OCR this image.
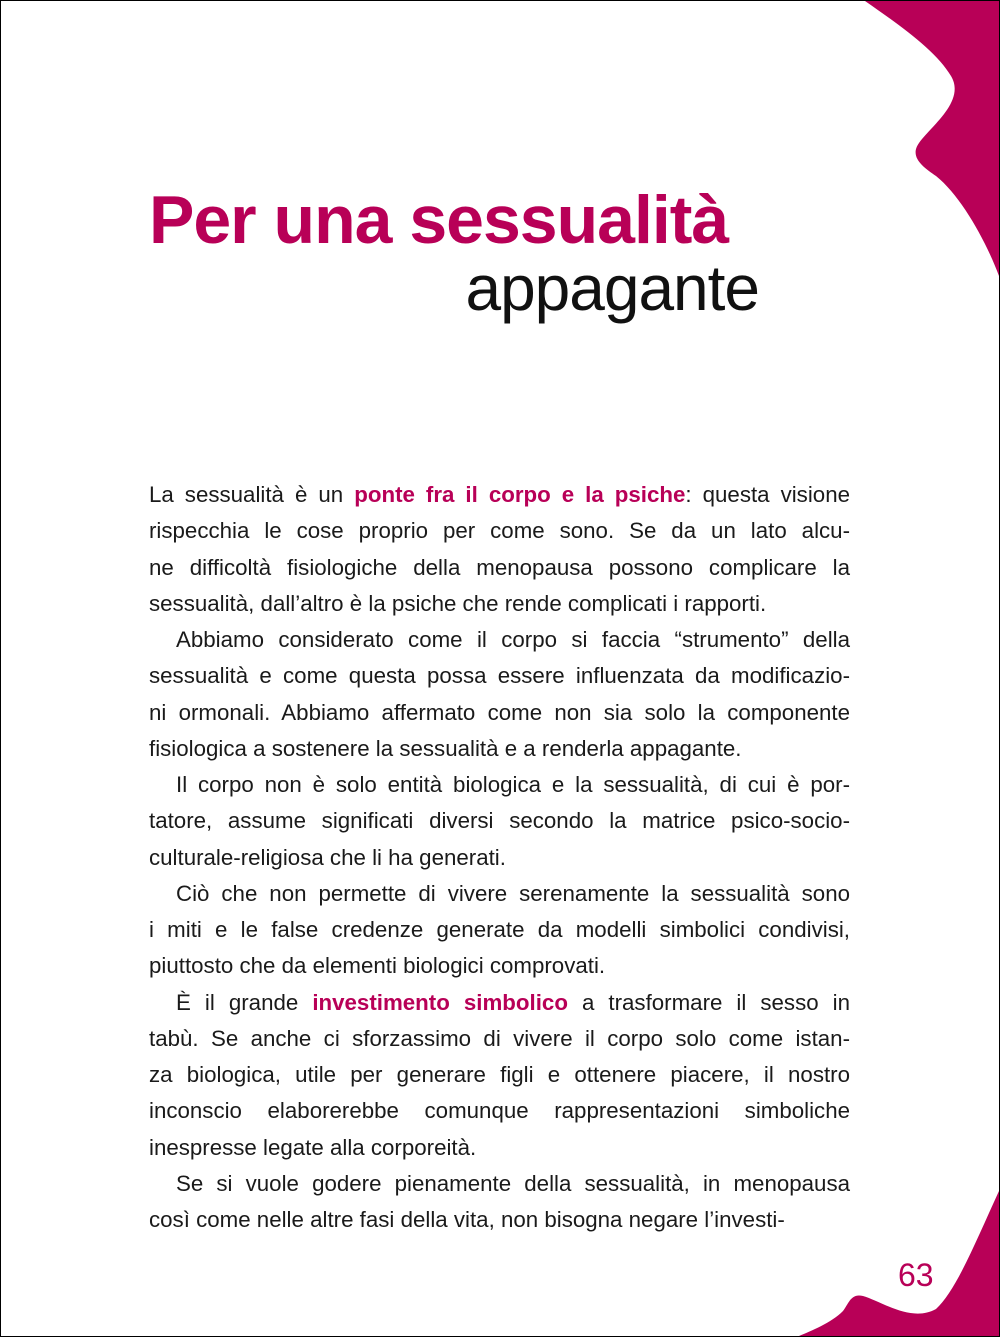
Per una sessualità
appagante
La sessualità è un ponte fra il corpo e la psiche: questa visione
rispecchia le cose proprio per come sono. Se da un lato alcu-
ne difficoltà fisiologiche della menopausa possono complicare la
sessualità, dall’altro è la psiche che rende complicati i rapporti.
Abbiamo considerato come il corpo si faccia “strumento” della
sessualità e come questa possa essere influenzata da modificazio-
ni ormonali. Abbiamo affermato come non sia solo la componente
fisiologica a sostenere la sessualità e a renderla appagante.
Il corpo non è solo entità biologica e la sessualità, di cui è por-
tatore, assume significati diversi secondo la matrice psico-socio-
culturale-religiosa che li ha generati.
Ciò che non permette di vivere serenamente la sessualità sono
i miti e le false credenze generate da modelli simbolici condivisi,
piuttosto che da elementi biologici comprovati.
È il grande investimento simbolico a trasformare il sesso in
tabù. Se anche ci sforzassimo di vivere il corpo solo come istan-
za biologica, utile per generare figli e ottenere piacere, il nostro
inconscio elaborerebbe comunque rappresentazioni simboliche
inespresse legate alla corporeità.
Se si vuole godere pienamente della sessualità, in menopausa
così come nelle altre fasi della vita, non bisogna negare l’investi-
63
